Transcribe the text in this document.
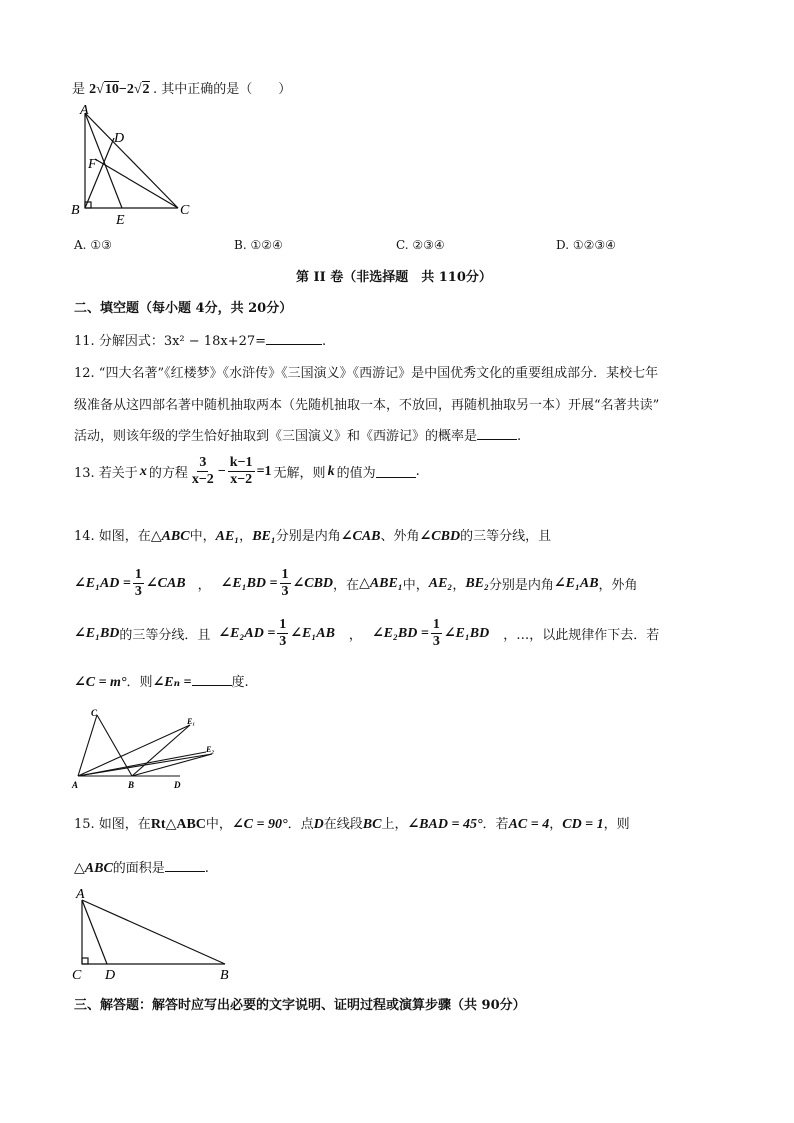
是 2√10−2√2 . 其中正确的是（　　）
A
D
F
B
E
C
A. ①③	B. ①②④	C. ②③④	D. ①②③④
第 II 卷（非选择题　共 110分）
二、填空题（每小题 4分，共 20分）
11. 分解因式：3x² − 18x+27=	.
12. “四大名著”《红楼梦》《水浒传》《三国演义》《西游记》是中国优秀文化的重要组成部分．某校七年
级准备从这四部名著中随机抽取两本（先随机抽取一本，不放回，再随机抽取另一本）开展“名著共读”
活动，则该年级的学生恰好抽取到《三国演义》和《西游记》的概率是	.
13. 若关于 x 的方程 $\frac{3}{x-2} - \frac{k-1}{x-2} =1$ 无解，则 k 的值为	.
14. 如图，在△ABC中，AE₁，BE₁分别是内角∠CAB、外角∠CBD的三等分线，且
∠E₁AD = $\frac{1}{3}$ ∠CAB ， ∠E₁BD = $\frac{1}{3}$ ∠CBD ，在 △ABE₁ 中， AE₂ ， BE₂ 分别是内角 ∠E₁AB ，外角
∠E₁BD 的三等分线．且 ∠E₂AD = $\frac{1}{3}$ ∠E₁AB ， ∠E₂BD = $\frac{1}{3}$ ∠E₁BD ，…，以此规律作下去．若
∠C = m°．则∠Eₙ =	度.
C
E₁
E₂
A	B	D
15. 如图，在Rt△ABC中，∠C = 90°．点D在线段BC上，∠BAD = 45°．若AC = 4，CD = 1，则
△ABC的面积是	.
A
C D	B
三、解答题：解答时应写出必要的文字说明、证明过程或演算步骤（共 90分）
